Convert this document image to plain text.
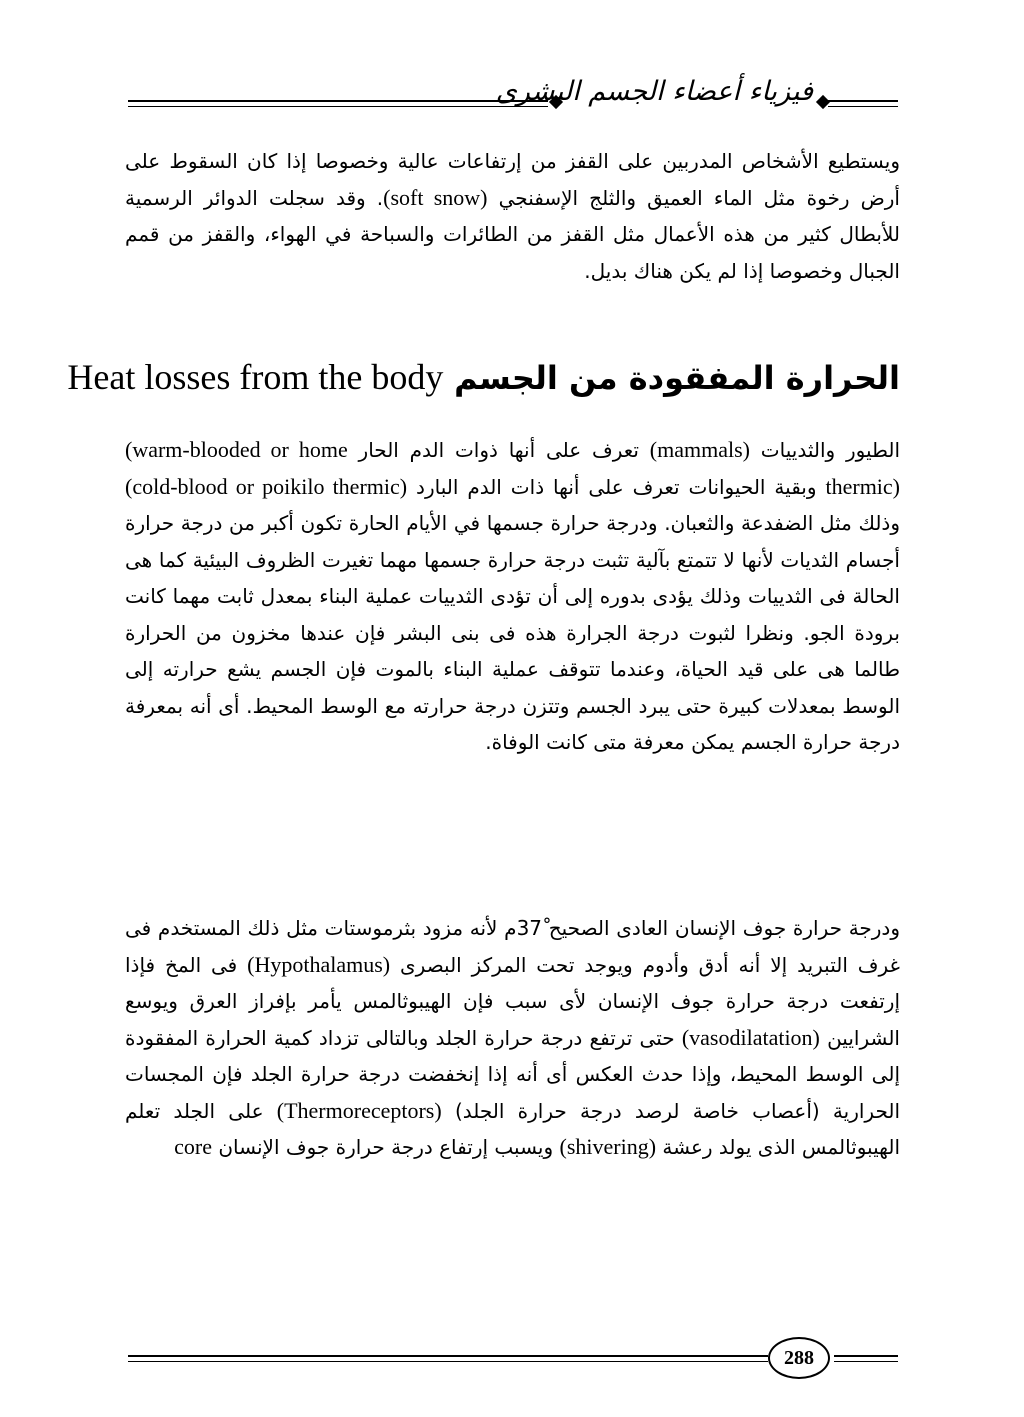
فيزياء أعضاء الجسم البشرى

ويستطيع الأشخاص المدربين على القفز من إرتفاعات عالية وخصوصا إذا كان السقوط على أرض رخوة مثل الماء العميق والثلج الإسفنجي (soft snow). وقد سجلت الدوائر الرسمية للأبطال كثير من هذه الأعمال مثل القفز من الطائرات والسباحة في الهواء، والقفز من قمم الجبال وخصوصا إذا لم يكن هناك بديل.

الحرارة المفقودة من الجسم Heat losses from the body

الطيور والثدييات (mammals) تعرف على أنها ذوات الدم الحار (warm-blooded or home thermic) وبقية الحيوانات تعرف على أنها ذات الدم البارد (cold-blood or poikilo thermic) وذلك مثل الضفدعة والثعبان. ودرجة حرارة جسمها في الأيام الحارة تكون أكبر من درجة حرارة أجسام الثديات لأنها لا تتمتع بآلية تثبت درجة حرارة جسمها مهما تغيرت الظروف البيئية كما هى الحالة فى الثدييات وذلك يؤدى بدوره إلى أن تؤدى الثدييات عملية البناء بمعدل ثابت مهما كانت برودة الجو. ونظرا لثبوت درجة الجرارة هذه فى بنى البشر فإن عندها مخزون من الحرارة طالما هى على قيد الحياة، وعندما تتوقف عملية البناء بالموت فإن الجسم يشع حرارته إلى الوسط بمعدلات كبيرة حتى يبرد الجسم وتتزن درجة حرارته مع الوسط المحيط. أى أنه بمعرفة درجة حرارة الجسم يمكن معرفة متى كانت الوفاة.

ودرجة حرارة جوف الإنسان العادى الصحيح 37ْم لأنه مزود بثرموستات مثل ذلك المستخدم فى غرف التبريد إلا أنه أدق وأدوم ويوجد تحت المركز البصرى (Hypothalamus) فى المخ فإذا إرتفعت درجة حرارة جوف الإنسان لأى سبب فإن الهيبوثالمس يأمر بإفراز العرق ويوسع الشرايين (vasodilatation) حتى ترتفع درجة حرارة الجلد وبالتالى تزداد كمية الحرارة المفقودة إلى الوسط المحيط، وإذا حدث العكس أى أنه إذا إنخفضت درجة حرارة الجلد فإن المجسات الحرارية (أعصاب خاصة لرصد درجة حرارة الجلد) (Thermoreceptors) على الجلد تعلم الهيبوثالمس الذى يولد رعشة (shivering) ويسبب إرتفاع درجة حرارة جوف الإنسان core

288
